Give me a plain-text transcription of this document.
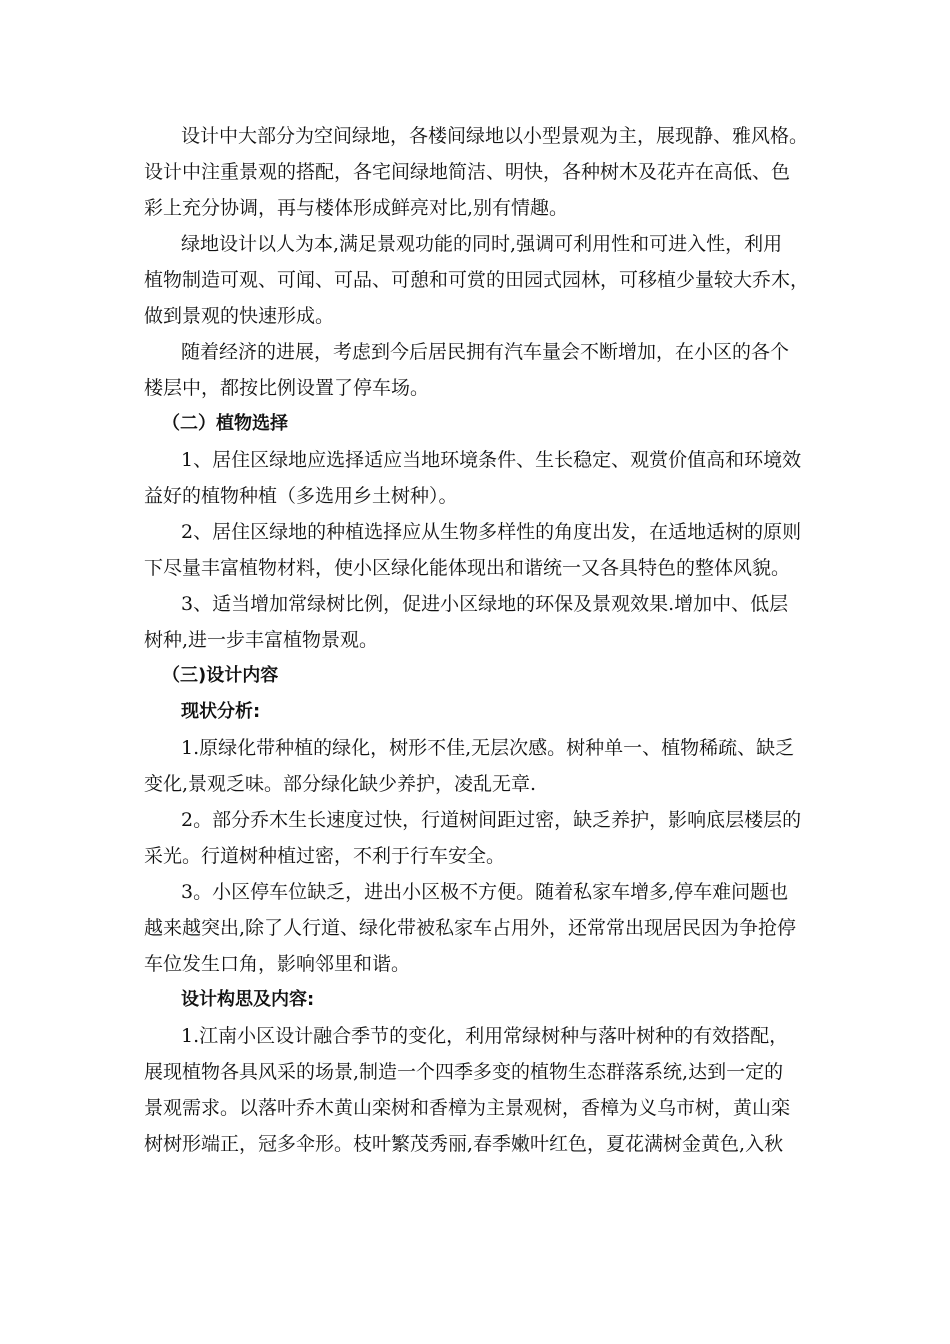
设计中大部分为空间绿地，各楼间绿地以小型景观为主，展现静、雅风格。
设计中注重景观的搭配，各宅间绿地简洁、明快，各种树木及花卉在高低、色
彩上充分协调，再与楼体形成鲜亮对比,别有情趣。
绿地设计以人为本,满足景观功能的同时,强调可利用性和可进入性，利用
植物制造可观、可闻、可品、可憩和可赏的田园式园林，可移植少量较大乔木，
做到景观的快速形成。
随着经济的进展，考虑到今后居民拥有汽车量会不断增加，在小区的各个
楼层中，都按比例设置了停车场。
（二）植物选择
1、居住区绿地应选择适应当地环境条件、生长稳定、观赏价值高和环境效
益好的植物种植（多选用乡土树种）。
2、居住区绿地的种植选择应从生物多样性的角度出发，在适地适树的原则
下尽量丰富植物材料，使小区绿化能体现出和谐统一又各具特色的整体风貌。
3、适当增加常绿树比例，促进小区绿地的环保及景观效果.增加中、低层
树种,进一步丰富植物景观。
（三)设计内容
现状分析:
1.原绿化带种植的绿化，树形不佳,无层次感。树种单一、植物稀疏、缺乏
变化,景观乏味。部分绿化缺少养护，凌乱无章.
2。部分乔木生长速度过快，行道树间距过密，缺乏养护，影响底层楼层的
采光。行道树种植过密，不利于行车安全。
3。小区停车位缺乏，进出小区极不方便。随着私家车增多,停车难问题也
越来越突出,除了人行道、绿化带被私家车占用外，还常常出现居民因为争抢停
车位发生口角，影响邻里和谐。
设计构思及内容:
1.江南小区设计融合季节的变化，利用常绿树种与落叶树种的有效搭配，
展现植物各具风采的场景,制造一个四季多变的植物生态群落系统,达到一定的
景观需求。以落叶乔木黄山栾树和香樟为主景观树，香樟为义乌市树，黄山栾
树树形端正，冠多伞形。枝叶繁茂秀丽,春季嫩叶红色，夏花满树金黄色,入秋
